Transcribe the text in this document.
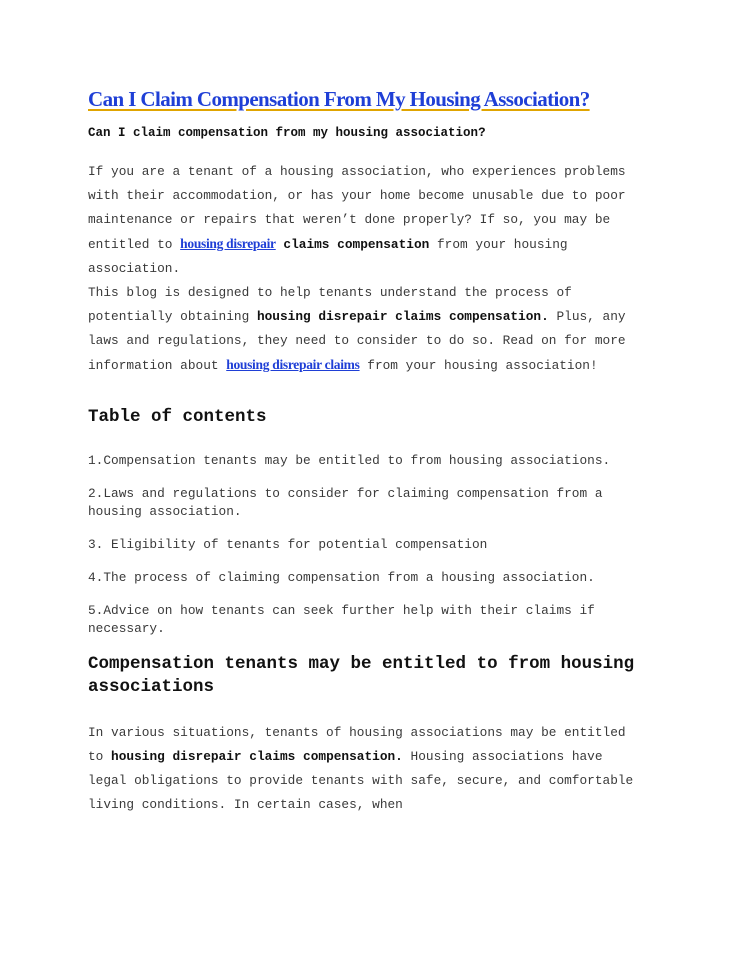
Can I Claim Compensation From My Housing Association?

Can I claim compensation from my housing association?

If you are a tenant of a housing association, who experiences problems with their accommodation, or has your home become unusable due to poor maintenance or repairs that weren’t done properly? If so, you may be entitled to housing disrepair claims compensation from your housing association.
This blog is designed to help tenants understand the process of potentially obtaining housing disrepair claims compensation. Plus, any laws and regulations, they need to consider to do so. Read on for more information about housing disrepair claims from your housing association!

Table of contents
1.Compensation tenants may be entitled to from housing associations.
2.Laws and regulations to consider for claiming compensation from a housing association.
3. Eligibility of tenants for potential compensation
4.The process of claiming compensation from a housing association.
5.Advice on how tenants can seek further help with their claims if necessary.
Compensation tenants may be entitled to from housing associations

In various situations, tenants of housing associations may be entitled to housing disrepair claims compensation. Housing associations have legal obligations to provide tenants with safe, secure, and comfortable living conditions. In certain cases, when
